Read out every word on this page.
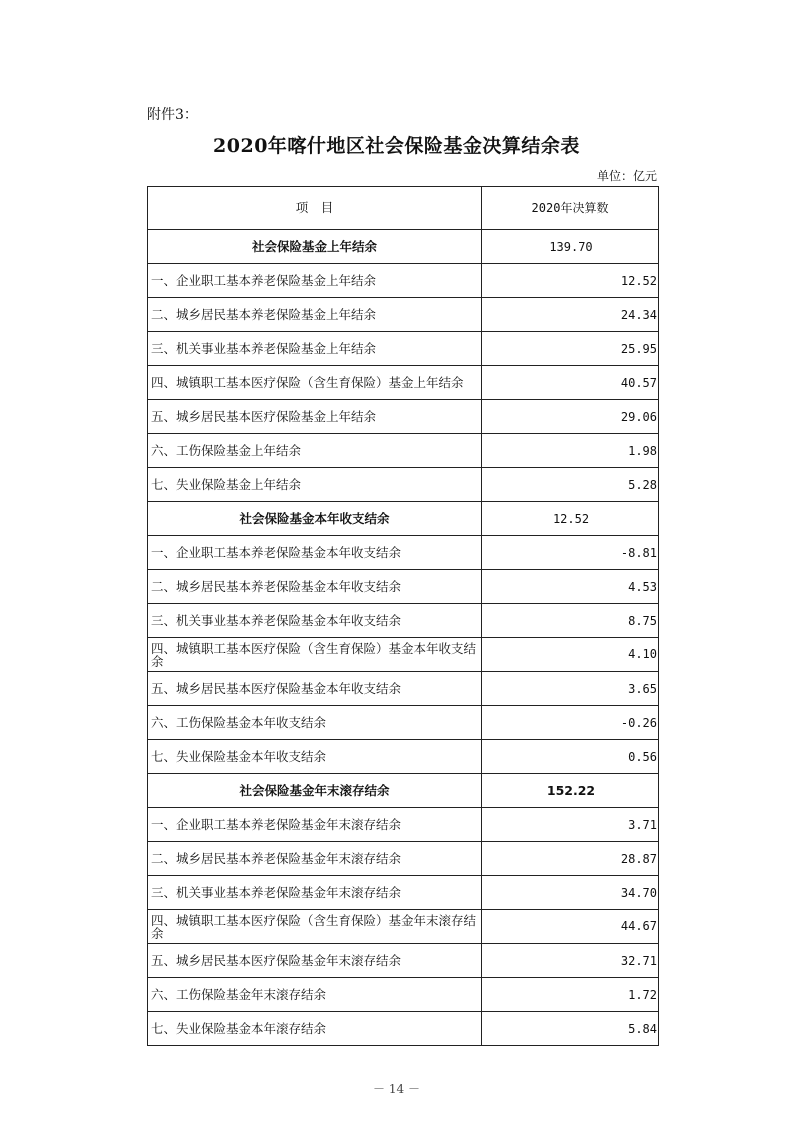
附件3：
2020年喀什地区社会保险基金决算结余表
单位：亿元
项　目	2020年决算数
社会保险基金上年结余	139.70
一、企业职工基本养老保险基金上年结余	12.52
二、城乡居民基本养老保险基金上年结余	24.34
三、机关事业基本养老保险基金上年结余	25.95
四、城镇职工基本医疗保险（含生育保险）基金上年结余	40.57
五、城乡居民基本医疗保险基金上年结余	29.06
六、工伤保险基金上年结余	1.98
七、失业保险基金上年结余	5.28
社会保险基金本年收支结余	12.52
一、企业职工基本养老保险基金本年收支结余	-8.81
二、城乡居民基本养老保险基金本年收支结余	4.53
三、机关事业基本养老保险基金本年收支结余	8.75
四、城镇职工基本医疗保险（含生育保险）基金本年收支结余	4.10
五、城乡居民基本医疗保险基金本年收支结余	3.65
六、工伤保险基金本年收支结余	-0.26
七、失业保险基金本年收支结余	0.56
社会保险基金年末滚存结余	152.22
一、企业职工基本养老保险基金年末滚存结余	3.71
二、城乡居民基本养老保险基金年末滚存结余	28.87
三、机关事业基本养老保险基金年末滚存结余	34.70
四、城镇职工基本医疗保险（含生育保险）基金年末滚存结余	44.67
五、城乡居民基本医疗保险基金年末滚存结余	32.71
六、工伤保险基金年末滚存结余	1.72
七、失业保险基金本年滚存结余	5.84
－ 14 －
